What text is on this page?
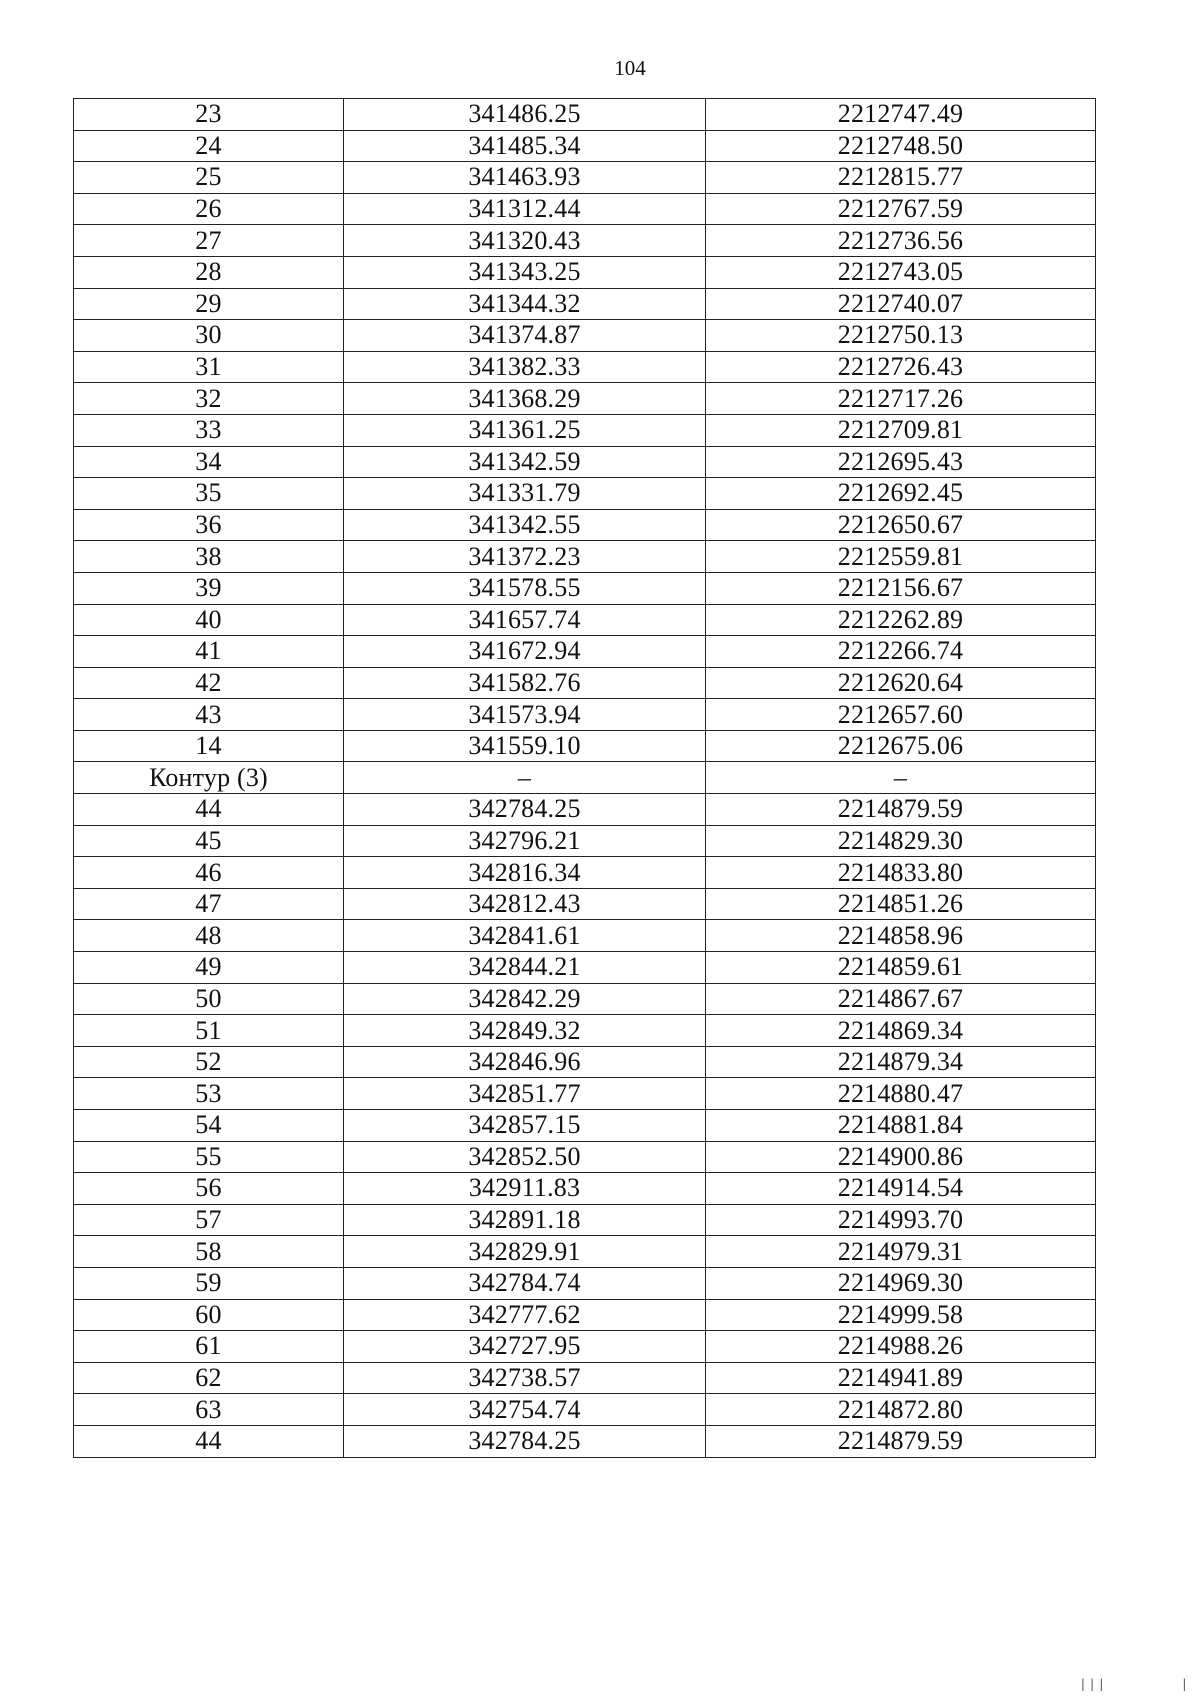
104
23	341486.25	2212747.49
24	341485.34	2212748.50
25	341463.93	2212815.77
26	341312.44	2212767.59
27	341320.43	2212736.56
28	341343.25	2212743.05
29	341344.32	2212740.07
30	341374.87	2212750.13
31	341382.33	2212726.43
32	341368.29	2212717.26
33	341361.25	2212709.81
34	341342.59	2212695.43
35	341331.79	2212692.45
36	341342.55	2212650.67
38	341372.23	2212559.81
39	341578.55	2212156.67
40	341657.74	2212262.89
41	341672.94	2212266.74
42	341582.76	2212620.64
43	341573.94	2212657.60
14	341559.10	2212675.06
Контур (3)	–	–
44	342784.25	2214879.59
45	342796.21	2214829.30
46	342816.34	2214833.80
47	342812.43	2214851.26
48	342841.61	2214858.96
49	342844.21	2214859.61
50	342842.29	2214867.67
51	342849.32	2214869.34
52	342846.96	2214879.34
53	342851.77	2214880.47
54	342857.15	2214881.84
55	342852.50	2214900.86
56	342911.83	2214914.54
57	342891.18	2214993.70
58	342829.91	2214979.31
59	342784.74	2214969.30
60	342777.62	2214999.58
61	342727.95	2214988.26
62	342738.57	2214941.89
63	342754.74	2214872.80
44	342784.25	2214879.59
|||        |
